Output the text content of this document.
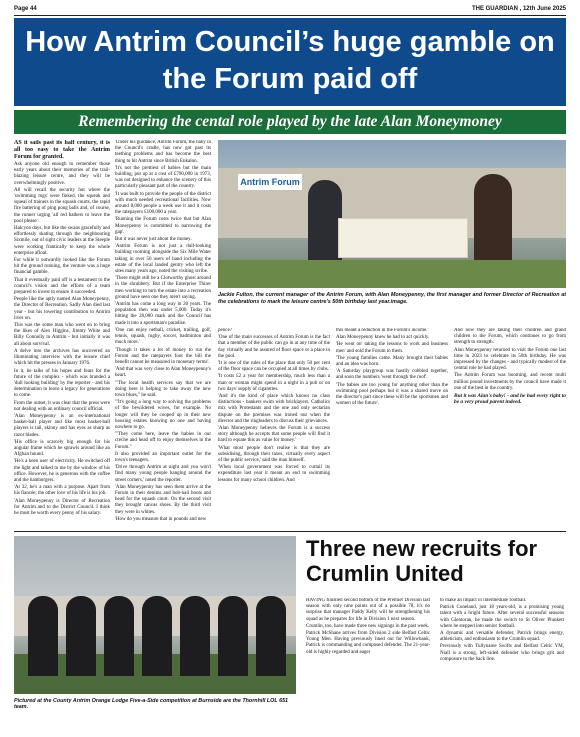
Page 44	THE GUARDIAN , 12th June 2025
How Antrim Council’s huge gamble on the Forum paid off
Remembering the cental role played by the late Alan Moneymoney

AS it sails past its half century, it is all too easy to take the Antrim Forum for granted.

Ask anyone old enough to remember those early years about their memories of the trail-blazing leisure centre, and they will be overwhelmingly positive.

All will recall the security hut where the 'swimming togs' were finked, the squeak and squeal of trainers in the squash courts, the rapid fire battering of ping pong balls and, of course, the runner urging 'all red bathers to leave the pool please'.

Halcyon days, but like the swans gracefully and effortlessly skating through the neighbouring Sixmile, out of sight civic leaders at the Steeple were working frantically to keep the whole enterprise afloat.

For while it outwardly looked like the Forum hit the ground running, the venture was a huge financial gamble.

That it eventually paid off is a testament to the council's vision and the efforts of a team prepared to invest to ensure it succeeded.

People like the aptly named Alan Moneypenny, the Director of Recreation. Sadly Alan died last year - but his towering contribution to Antrim lives on.

This was the some man who went on to bring the likes of Alex Higgins, Jimmy White and Billy Connolly to Antrim - but initially it was all about survival.

A delve into the archives has uncovered an illuminating interview with the leisure chief which hit the presses in January 1976.

In it, he talks of his hopes and fears for the future of the complex - which was branded a 'dull looking building' by the reporter - and his determination to leave a legacy for generations to come.

From the outset, it was clear that the press were not dealing with an ordinary council official.

'Alan Moneypenny is an ex-international basket-ball player and like most basket-ball players is tall, skinny and has eyes as sharp as razor blades.

'His office is scarcely big enough for his angular frame which he sprawls around like an Afghan hound.

'He's a keen user of electricity. He switched off the light and talked to me by the window of his office. However, he is generous with the coffee and the hamburgers.

'At 32, he's a man with a purpose. Apart from his fiancée, the other love of his life is his job.

'Alan Moneypenny is Director of Recreation for Antrim and to the District Council. I think he must be worth every penny of his salary.

'Under his guidance, Antrim Forum, the baby in the Council's cradle, has now got past its teething problems and has become the best thing to hit Antrim since British Enkalon.

'It's not the prettiest of babies but the main building, put up at a cost of £790,000 in 1973, was not designed to enhance the scenery of this particularly pleasant part of the country.

'It was built to provide the people of the district with much needed recreational facilities. Now around 8,000 people a week use it and it costs the ratepayers £100,000 a year.

'Running the Forum costs twice that but Alan Moneypenny is committed to narrowing the gap'.

But it was never just about the money.

'Antrim Forum is not just a dull-looking building rooming alongside the Six Mile Water taking in over 50 users of hand including the estate of the local landed gentry who left the sites many years ago, noted the visiting scribe.

'There might still be a Clotworthy ghost around in the shrubbery. But if the Enterprise Thirer men working to turn the estate into a recreation ground have seen one they aren't saying.

'Antrim has come a long way in 20 years. The population then was under 5,000. Today it's hitting the 28,000 mark and the Council has made it into a sportsman's paradise.

'One can enjoy netball, cricket, trailing, golf, tennis, squash, rugby, soccer, badminton and much more.'

'Though it takes a lot of money to run the Forum and the ratepayers foot the bill the benefit cannot be measured in monetary terms'.

'And that was very close to Alan Moneypenny's heart.

'"The local health services say that we are doing here is helping to take away the new town blues," he said.

'"It's going a long way to solving the problems of the bewildered wives, for example. No longer will they be cooped up in their new housing estates knowing no one and having nowhere to go.

'"They come here, leave the babies in our creche and head off to enjoy themselves in the Forum."

It also provided an important outlet for the town's teenagers.

'Drive through Antrim at night and you won't find many young people hanging around the street corners,' noted the reporter.

'Alan Moneypenny has seen them arrive at the Forum in their denims and bob-nail boots and head for the squash court. On the second visit they brought canvas shoes. By the third visit they were in whites.

'How do you measure that in pounds and new

Antrim Forum
Jackie Fulton, the current manager of the Antrim Forum, with Alan Moneypenny, the first manager and former Director of Recreation at the celebrations to mark the leisure centre's 50th birthday last year.image.

pence?

'One of the main successes of Antrim Forum is the fact that a member of the public can go in at any time of the day virtually and be assured of floor space or a place in the pool.

'It is one of the rules of the place that only 50 per cent of the floor space can be occupied at all times by clubs.

'It costs £2 a year for membership, much less than a man or woman might spend in a night in a pub or on two days' supply of cigarettes.

'And it's the kind of place which knows no class distinctions - bankers swim with bricklayers. Catholics mix with Protestants and the one and only sectarian dispute on the premises was ironed out when the director and the ringleaders to discuss their grievances.

'Alan Moneypenny believes the Forum is a success story although he accepts that some people will find it hard to equate this as value for money.'

'What most people don't realise is that they are subsidising, through their taxes, virtually every aspect of the public service,' said the man himself.

'When local government was forced to curtail its expenditure last year it meant an end to swimming lessons for many school children. And

this meant a reduction in the Forum's income.'

Alan Moneypenny knew he had to act quickly.

'He went on' taking the lessons to work and business men' and sold the Forum to them.

'The young families came. Many brought their babies and an idea was born.

'A Saturday playgroup was hastily cobbled together, and soon the numbers 'went through the roof'.

'The babies are too young for anything other than the swimming pool perhaps but it was a shared move on the director's part since these will be the sportsmen and women of the future'.

And now they are taking their children and grand children to the Forum, which continues to go from strength to strength.

Alan Moneypenny returned to visit the Forum one last time in 2023 to celebrate its 50th birthday. He was impressed by the changes - and typically modest of the central role he had played.

The Antrim Forum was booming, and recent multi million pound investments by the council have made it one of the best in the country.

But it was Alan's baby! - and he had every right to be a very proud parent indeed.

Pictured at the County Antrim Orange Lodge Five-a-Side competition at Burnside are the Thornhill LOL 651 team.
Three new recruits for Crumlin United

HAVING finished second bottom of the Premier Division last season with only nine points out of a possible 78, it's no surprise that manager Paddy Kelly will be strengthening his squad as he prepares for life in Division 1 next season.

Crumlin, too, have made three new signings in the past week.

Patrick McShane arrives from Division 2 side Belfast Celtic Young Men. Having previously lined out for Willowbank, Patrick is commanding and composed defender. The 21-year-old is highly regarded and eager

to make an impact in intermediate football.

Patrick Coneland, just 18 years-old, is a promising young talent with a bright future. After several successful seasons with Glentoran, he made the switch to St Oliver Plunkett where he stepped into senior football.

A dynamic and versatile defender, Patrick brings energy, athleticism, and enthusiasm to the Crumlin squad.

Previously with Tullynaree Swifts and Belfast Celtic YM, Niall is a strong, left-sided defender who brings grit and composure to the back line.
